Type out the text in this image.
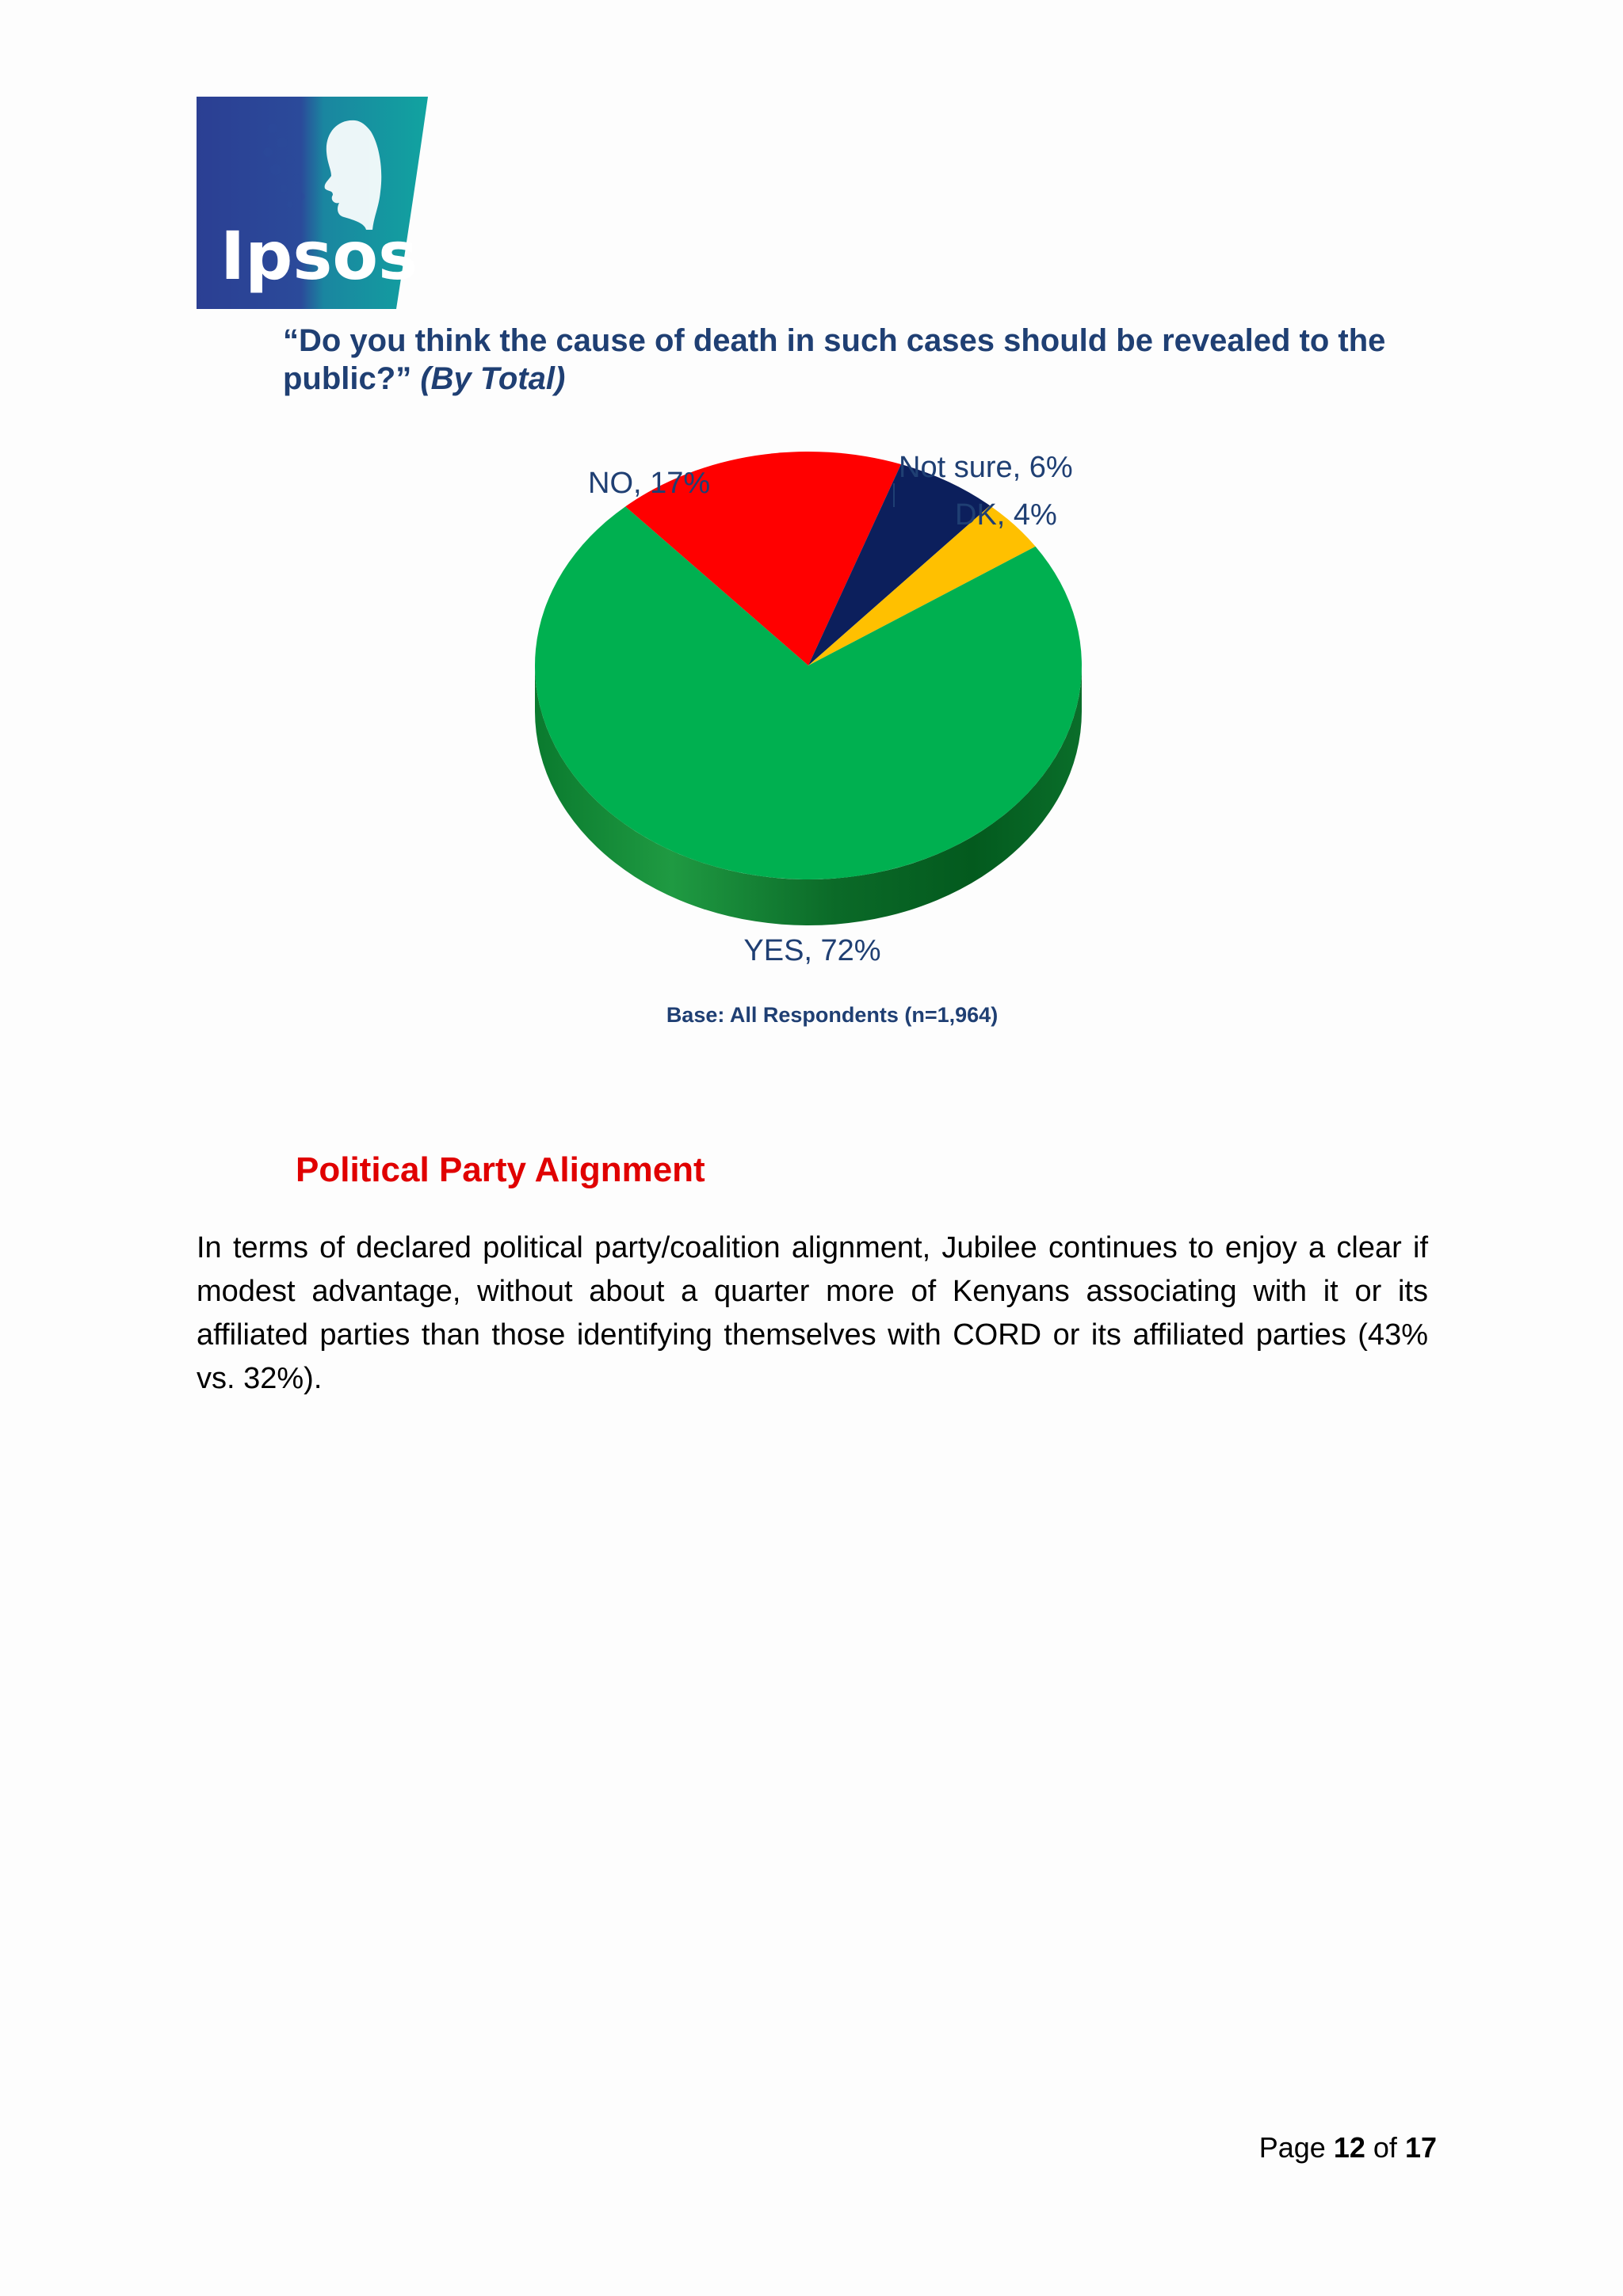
Ipsos
“Do you think the cause of death in such cases should be revealed to the public?” (By Total)
NO, 17%	Not sure, 6%
DK, 4%
YES, 72%
Base: All Respondents (n=1,964)
Political Party Alignment
In terms of declared political party/coalition alignment, Jubilee continues to enjoy a clear if modest advantage, without about a quarter more of Kenyans associating with it or its affiliated parties than those identifying themselves with CORD or its affiliated parties (43% vs. 32%).
Page 12 of 17
